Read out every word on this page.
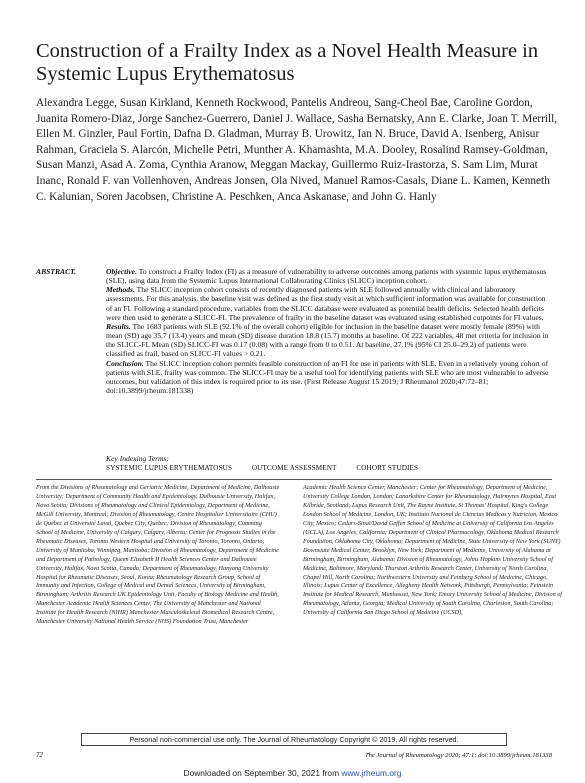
Construction of a Frailty Index as a Novel Health Measure in Systemic Lupus Erythematosus
Alexandra Legge, Susan Kirkland, Kenneth Rockwood, Pantelis Andreou, Sang-Cheol Bae, Caroline Gordon, Juanita Romero-Diaz, Jorge Sanchez-Guerrero, Daniel J. Wallace, Sasha Bernatsky, Ann E. Clarke, Joan T. Merrill, Ellen M. Ginzler, Paul Fortin, Dafna D. Gladman, Murray B. Urowitz, Ian N. Bruce, David A. Isenberg, Anisur Rahman, Graciela S. Alarcón, Michelle Petri, Munther A. Khamashta, M.A. Dooley, Rosalind Ramsey-Goldman, Susan Manzi, Asad A. Zoma, Cynthia Aranow, Meggan Mackay, Guillermo Ruiz-Irastorza, S. Sam Lim, Murat Inanc, Ronald F. van Vollenhoven, Andreas Jonsen, Ola Nived, Manuel Ramos-Casals, Diane L. Kamen, Kenneth C. Kalunian, Soren Jacobsen, Christine A. Peschken, Anca Askanase, and John G. Hanly
ABSTRACT.	Objective. To construct a Frailty Index (FI) as a measure of vulnerability to adverse outcomes among patients with systemic lupus erythematosus (SLE), using data from the Systemic Lupus International Collaborating Clinics (SLICC) inception cohort.

Methods. The SLICC inception cohort consists of recently diagnosed patients with SLE followed annually with clinical and laboratory assessments. For this analysis, the baseline visit was defined as the first study visit at which sufficient information was available for construction of an FI. Following a standard procedure, variables from the SLICC database were evaluated as potential health deficits. Selected health deficits were then used to generate a SLICC-FI. The prevalence of frailty in the baseline dataset was evaluated using established cutpoints for FI values.

Results. The 1683 patients with SLE (92.1% of the overall cohort) eligible for inclusion in the baseline dataset were mostly female (89%) with mean (SD) age 35.7 (13.4) years and mean (SD) disease duration 18.8 (15.7) months at baseline. Of 222 variables, 48 met criteria for inclusion in the SLICC-FI. Mean (SD) SLICC-FI was 0.17 (0.08) with a range from 0 to 0.51. At baseline, 27.1% (95% CI 25.0–29.2) of patients were classified as frail, based on SLICC-FI values > 0.21.

Conclusion. The SLICC inception cohort permits feasible construction of an FI for use in patients with SLE. Even in a relatively young cohort of patients with SLE, frailty was common. The SLICC-FI may be a useful tool for identifying patients with SLE who are most vulnerable to adverse outcomes, but validation of this index is required prior to its use. (First Release August 15 2019; J Rheumatol 2020;47:72–81; doi:10.3899/jrheum.181338)

Key Indexing Terms:
SYSTEMIC LUPUS ERYTHEMATOSUS	OUTCOME ASSESSMENT	COHORT STUDIES
From the Divisions of Rheumatology and Geriatric Medicine, Department of Medicine, Dalhousie University; Department of Community Health and Epidemiology, Dalhousie University, Halifax, Nova Scotia; Divisions of Rheumatology and Clinical Epidemiology, Department of Medicine, McGill University, Montreal; Division of Rheumatology, Centre Hospitalier Universitaire (CHU) de Québec et Université Laval, Quebec City, Quebec; Division of Rheumatology, Cumming School of Medicine, University of Calgary, Calgary, Alberta; Center for Prognosis Studies in the Rheumatic Diseases, Toronto Western Hospital and University of Toronto, Toronto, Ontario; University of Manitoba, Winnipeg, Manitoba; Division of Rheumatology, Department of Medicine and Department of Pathology, Queen Elizabeth II Health Sciences Center and Dalhousie University, Halifax, Nova Scotia, Canada; Department of Rheumatology, Hanyang University Hospital for Rheumatic Diseases, Seoul, Korea; Rheumatology Research Group, School of Immunity and Infection, College of Medical and Dental Sciences, University of Birmingham, Birmingham; Arthritis Research UK Epidemiology Unit, Faculty of Biology Medicine and Health, Manchester Academic Health Sciences Center, The University of Manchester and National Institute for Health Research (NIHR) Manchester Musculoskeletal Biomedical Research Centre, Manchester University National Health Service (NHS) Foundation Trust, Manchester
Academic Health Science Center, Manchester; Center for Rheumatology, Department of Medicine, University College London, London; Lanarkshire Center for Rheumatology, Hairmyres Hospital, East Kilbride, Scotland; Lupus Research Unit, The Rayne Institute, St Thomas' Hospital, King's College London School of Medicine, London, UK; Instituto Nacional de Ciencias Medicas y Nutricion, Mexico City, Mexico; Cedars-Sinai/David Geffen School of Medicine at University of California Los Angeles (UCLA), Los Angeles, California; Department of Clinical Pharmacology, Oklahoma Medical Research Foundation, Oklahoma City, Oklahoma; Department of Medicine, State University of New York (SUNY) Downstate Medical Center, Brooklyn, New York; Department of Medicine, University of Alabama at Birmingham, Birmingham, Alabama; Division of Rheumatology, Johns Hopkins University School of Medicine, Baltimore, Maryland; Thurston Arthritis Research Center, University of North Carolina, Chapel Hill, North Carolina; Northwestern University and Feinberg School of Medicine, Chicago, Illinois; Lupus Center of Excellence, Allegheny Health Network, Pittsburgh, Pennsylvania; Feinstein Institute for Medical Research, Manhasset, New York; Emory University School of Medicine, Division of Rheumatology, Atlanta, Georgia; Medical University of South Carolina, Charleston, South Carolina; University of California San Diego School of Medicine (UCSD),
Personal non-commercial use only. The Journal of Rheumatology Copyright © 2019. All rights reserved.
72	The Journal of Rheumatology 2020; 47:1; doi:10.3899/jrheum.181338
Downloaded on September 30, 2021 from www.jrheum.org
